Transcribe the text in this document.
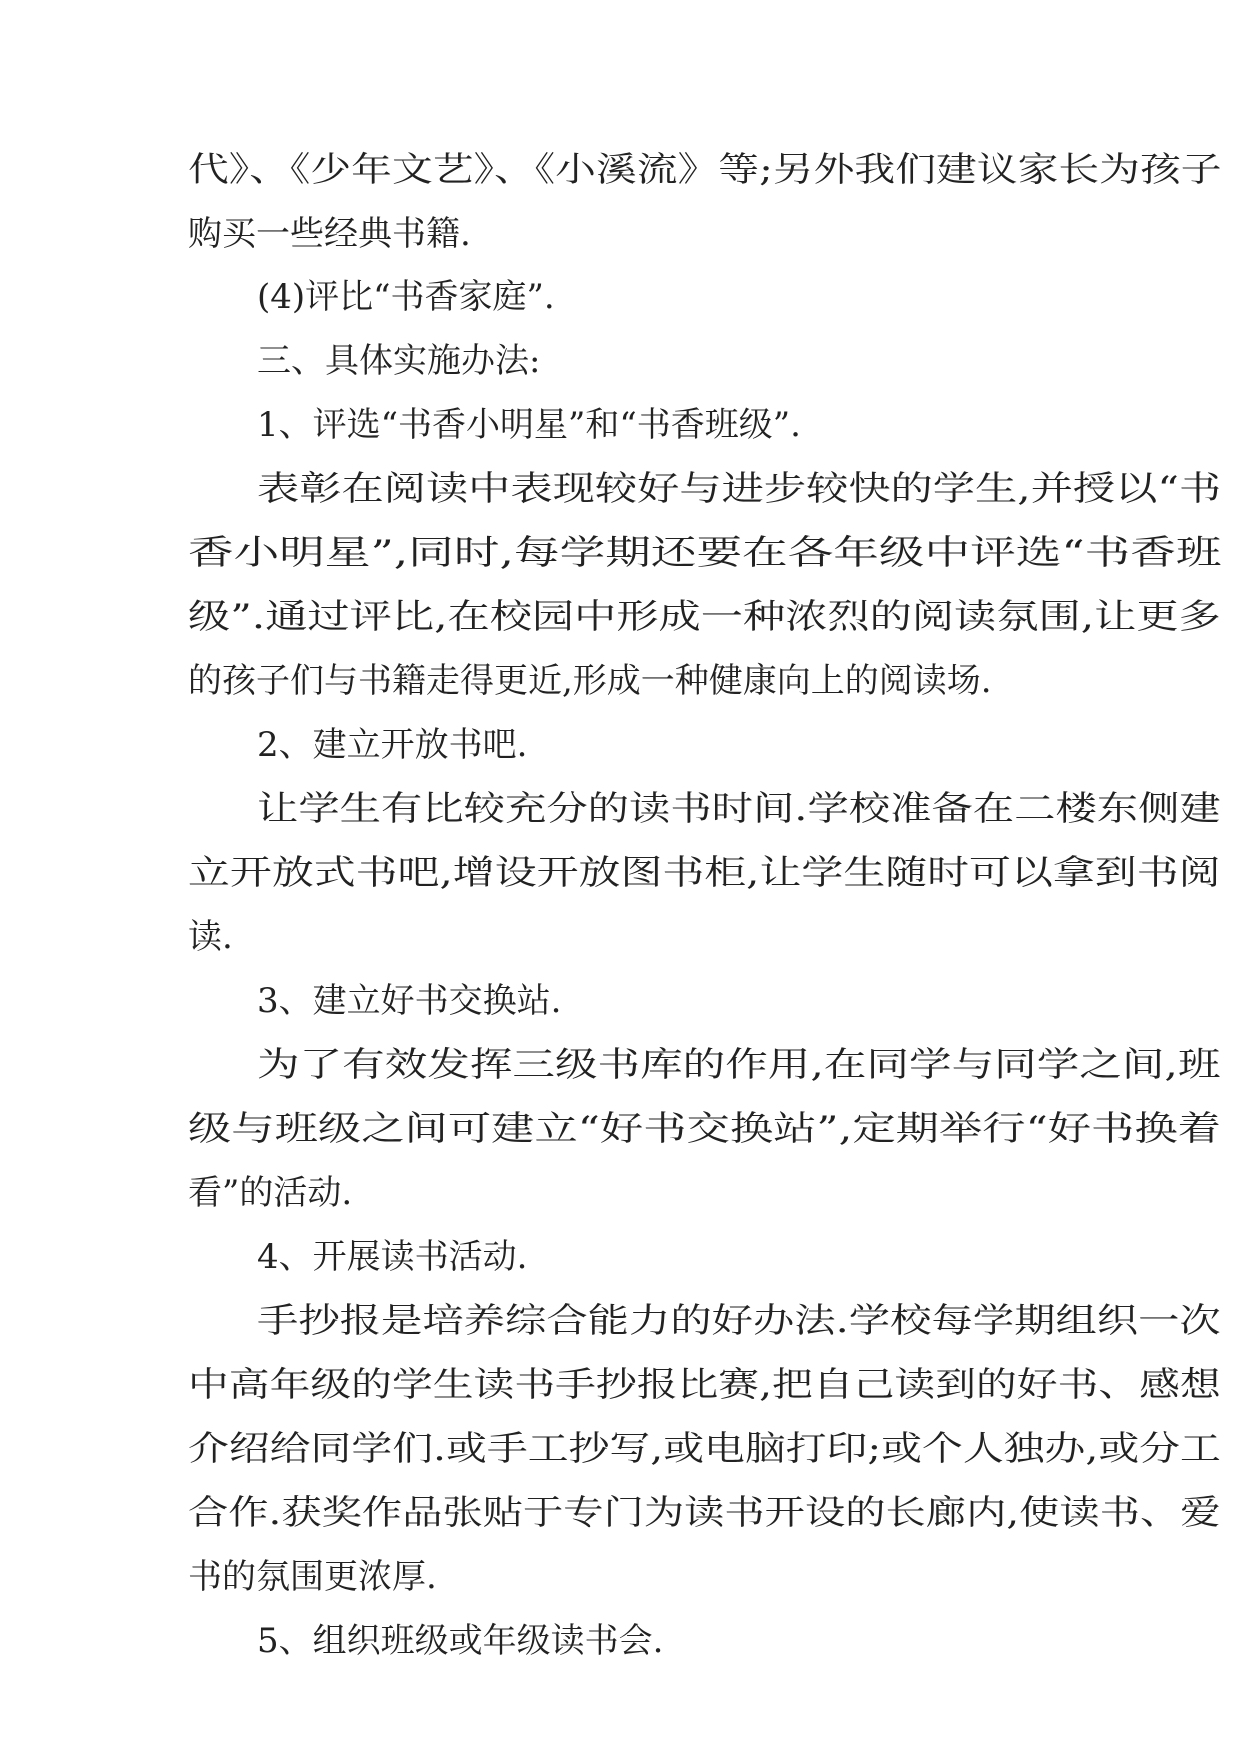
代》、《少年文艺》、《小溪流》等;另外我们建议家长为孩子
购买一些经典书籍.
(4)评比“书香家庭”.
三、具体实施办法:
1、评选“书香小明星”和“书香班级”.
表彰在阅读中表现较好与进步较快的学生,并授以“书
香小明星”,同时,每学期还要在各年级中评选“书香班
级”.通过评比,在校园中形成一种浓烈的阅读氛围,让更多
的孩子们与书籍走得更近,形成一种健康向上的阅读场.
2、建立开放书吧.
让学生有比较充分的读书时间.学校准备在二楼东侧建
立开放式书吧,增设开放图书柜,让学生随时可以拿到书阅
读.
3、建立好书交换站.
为了有效发挥三级书库的作用,在同学与同学之间,班
级与班级之间可建立“好书交换站”,定期举行“好书换着
看”的活动.
4、开展读书活动.
手抄报是培养综合能力的好办法.学校每学期组织一次
中高年级的学生读书手抄报比赛,把自己读到的好书、感想
介绍给同学们.或手工抄写,或电脑打印;或个人独办,或分工
合作.获奖作品张贴于专门为读书开设的长廊内,使读书、爱
书的氛围更浓厚.
5、组织班级或年级读书会.
